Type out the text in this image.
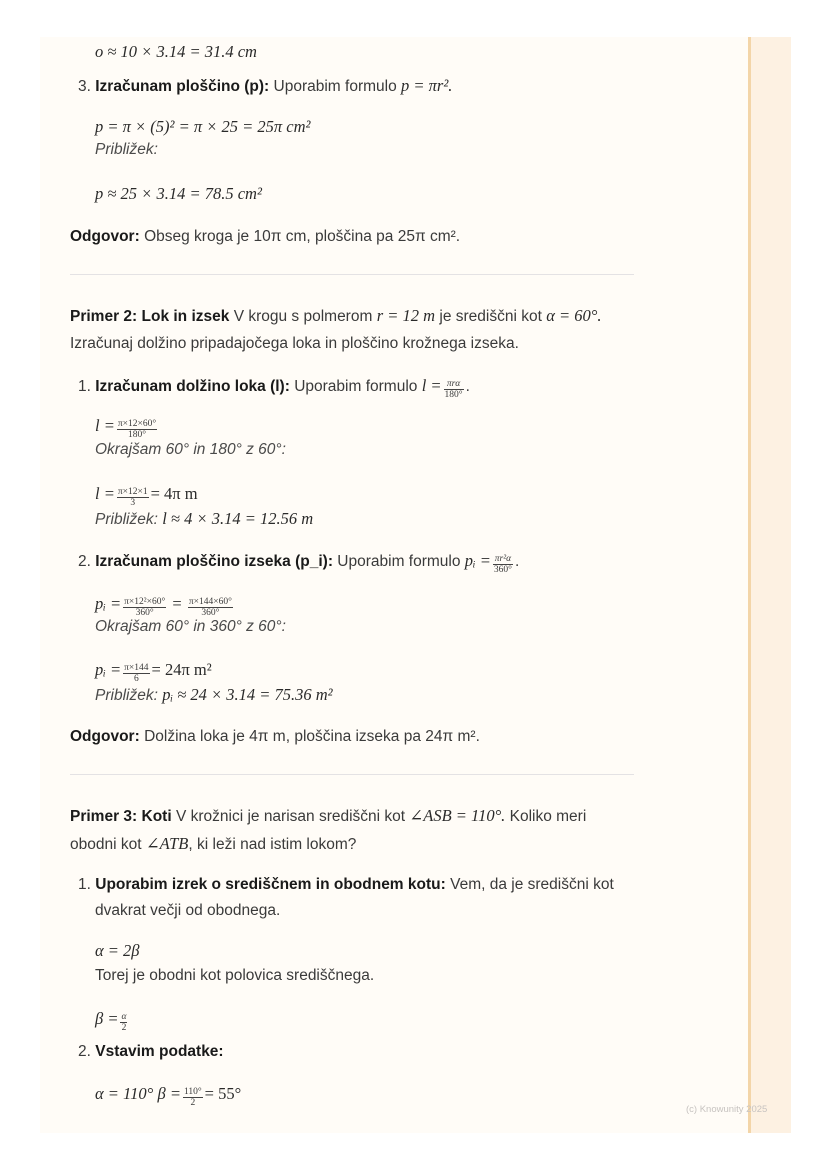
o ≈ 10 × 3.14 = 31.4 cm
3. Izračunam ploščino (p): Uporabim formulo p = πr².
p = π × (5)² = π × 25 = 25π cm²
Približek:
p ≈ 25 × 3.14 = 78.5 cm²
Odgovor: Obseg kroga je 10π cm, ploščina pa 25π cm².
Primer 2: Lok in izsek V krogu s polmerom r = 12 m je središčni kot α = 60°.
Izračunaj dolžino pripadajočega loka in ploščino krožnega izseka.
1. Izračunam dolžino loka (l): Uporabim formulo $l = \frac{\text{πrα}}{180^\circ}$ .
$l = \frac{\pi\times 12\times 60^\circ}{180^\circ}$
Okrajšam 60° in 180° z 60°:
$l = \frac{\pi\times 12\times 1}{3} = 4\pi$ m
Približek: l ≈ 4 × 3.14 = 12.56 m
2. Izračunam ploščino izseka (p_i): Uporabim formulo pᵢ = $\frac{\text{πr²α}}{360^\circ}$ .
pᵢ = $\frac{\text{π×12²×60°}}{360^\circ} = \frac{\pi\times 144\times 60^\circ}{360^\circ}$
Okrajšam 60° in 360° z 60°:
pᵢ = $\frac{\pi\times 144}{6} = 24\pi$ m²
Približek: pᵢ ≈ 24 × 3.14 = 75.36 m²
Odgovor: Dolžina loka je 4π m, ploščina izseka pa 24π m².
Primer 3: Koti V krožnici je narisan središčni kot ∠ASB = 110°. Koliko meri
obodni kot ∠ATB, ki leži nad istim lokom?
1. Uporabim izrek o središčnem in obodnem kotu: Vem, da je središčni kot
dvakrat večji od obodnega.
α = 2β
Torej je obodni kot polovica središčnega.
$\beta = \frac{\alpha}{2}$
2. Vstavim podatke:
α = 110° $\beta = \frac{110^\circ}{2} = 55^\circ$
(c) Knowunity 2025
